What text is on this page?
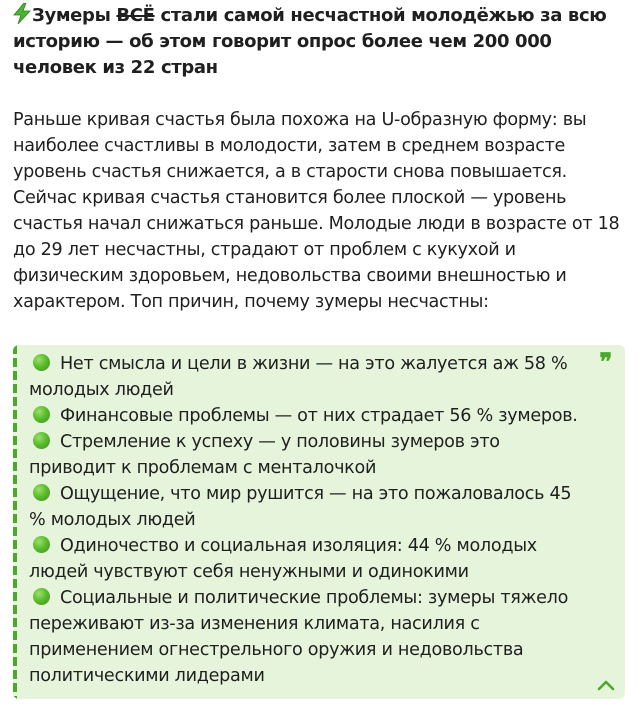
Зумеры ВСЁ стали самой несчастной молодёжью за всю историю — об этом говорит опрос более чем 200 000 человек из 22 стран
Раньше кривая счастья была похожа на U-образную форму: вы наиболее счастливы в молодости, затем в среднем возрасте уровень счастья снижается, а в старости снова повышается. Сейчас кривая счастья становится более плоской — уровень счастья начал снижаться раньше. Молодые люди в возрасте от 18 до 29 лет несчастны, страдают от проблем с кукухой и физическим здоровьем, недовольства своими внешностью и характером. Топ причин, почему зумеры несчастны:
❞
Нет смысла и цели в жизни — на это жалуется аж 58 % молодых людей
Финансовые проблемы — от них страдает 56 % зумеров.
Стремление к успеху — у половины зумеров это приводит к проблемам с менталочкой
Ощущение, что мир рушится — на это пожаловалось 45 % молодых людей
Одиночество и социальная изоляция: 44 % молодых людей чувствуют себя ненужными и одинокими
Социальные и политические проблемы: зумеры тяжело переживают из-за изменения климата, насилия с применением огнестрельного оружия и недовольства политическими лидерами
